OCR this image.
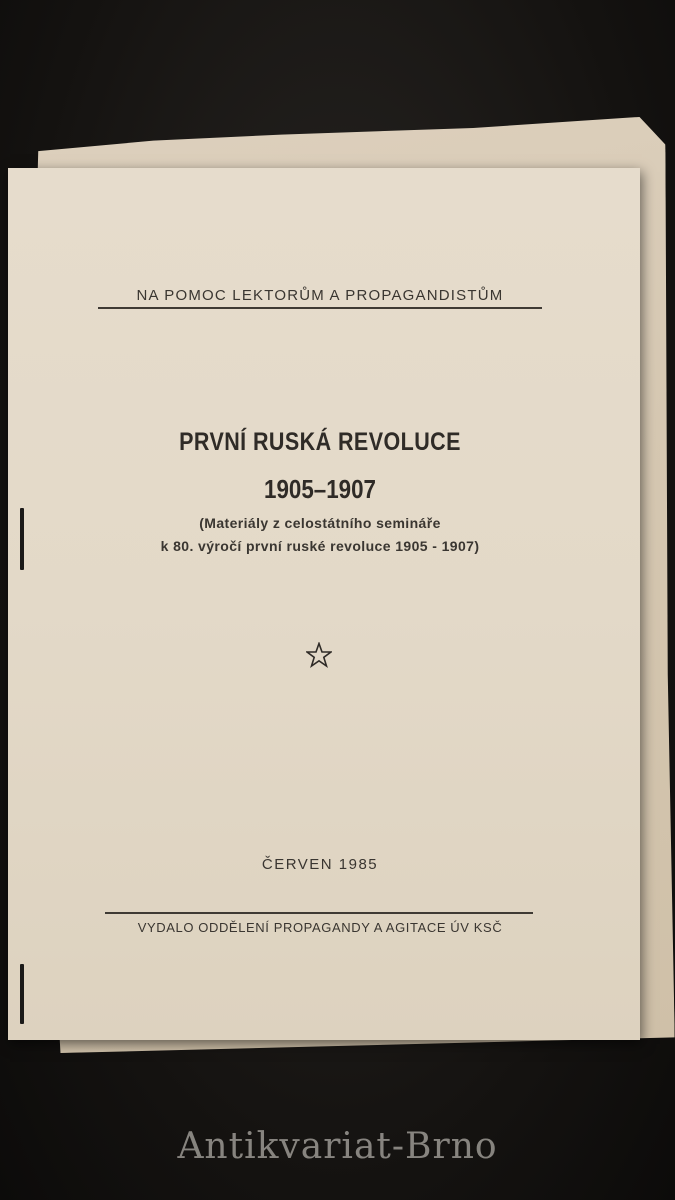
NA POMOC LEKTORŮM A PROPAGANDISTŮM
PRVNÍ RUSKÁ REVOLUCE
1905–1907
(Materiály z celostátního semináře
k 80. výročí první ruské revoluce 1905 - 1907)
ČERVEN 1985
VYDALO ODDĚLENÍ PROPAGANDY A AGITACE ÚV KSČ
Antikvariat-Brno
